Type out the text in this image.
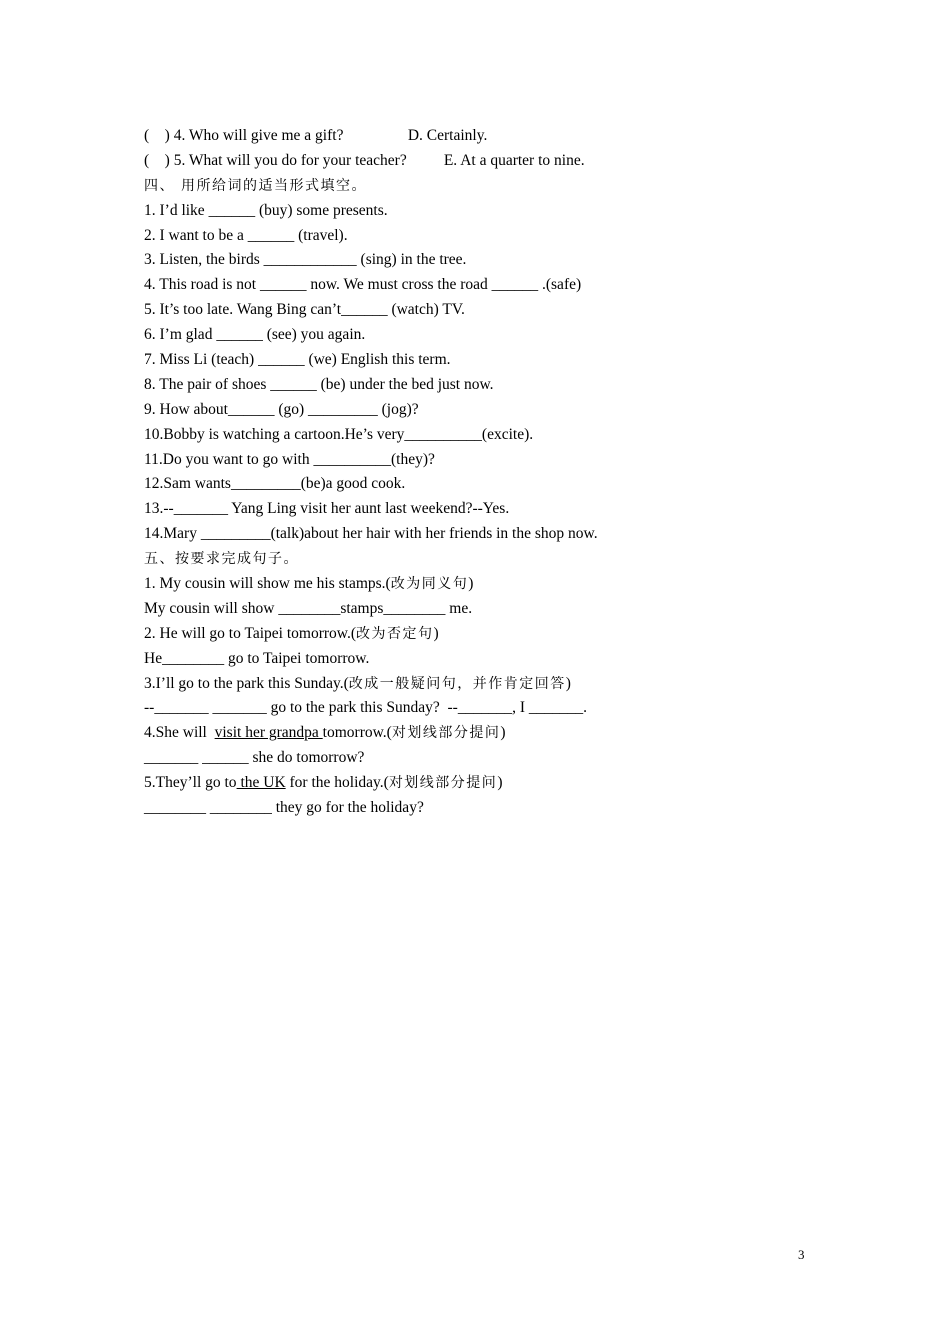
(    ) 4. Who will give me a gift?	D. Certainly.
(    ) 5. What will you do for your teacher? E. At a quarter to nine.
四、 用所给词的适当形式填空。
1. I’d like ______ (buy) some presents.
2. I want to be a ______ (travel).
3. Listen, the birds ____________ (sing) in the tree.
4. This road is not ______ now. We must cross the road ______ .(safe)
5. It’s too late. Wang Bing can’t______ (watch) TV.
6. I’m glad ______ (see) you again.
7. Miss Li (teach) ______ (we) English this term.
8. The pair of shoes ______ (be) under the bed just now.
9. How about______ (go) _________ (jog)?
10.Bobby is watching a cartoon.He’s very__________(excite).
11.Do you want to go with __________(they)?
12.Sam wants_________(be)a good cook.
13.--_______ Yang Ling visit her aunt last weekend?--Yes.
14.Mary _________(talk)about her hair with her friends in the shop now.
五、按要求完成句子。
1. My cousin will show me his stamps.(改为同义句)
My cousin will show ________stamps________ me.
2. He will go to Taipei tomorrow.(改为否定句)
He________ go to Taipei tomorrow.
3.I’ll go to the park this Sunday.(改成一般疑问句，并作肯定回答)
--_______ _______ go to the park this Sunday?  --_______, I _______.
4.She will  visit her grandpa tomorrow.(对划线部分提问)
_______ ______ she do tomorrow?
5.They’ll go to the UK for the holiday.(对划线部分提问)
________ ________ they go for the holiday?
3
